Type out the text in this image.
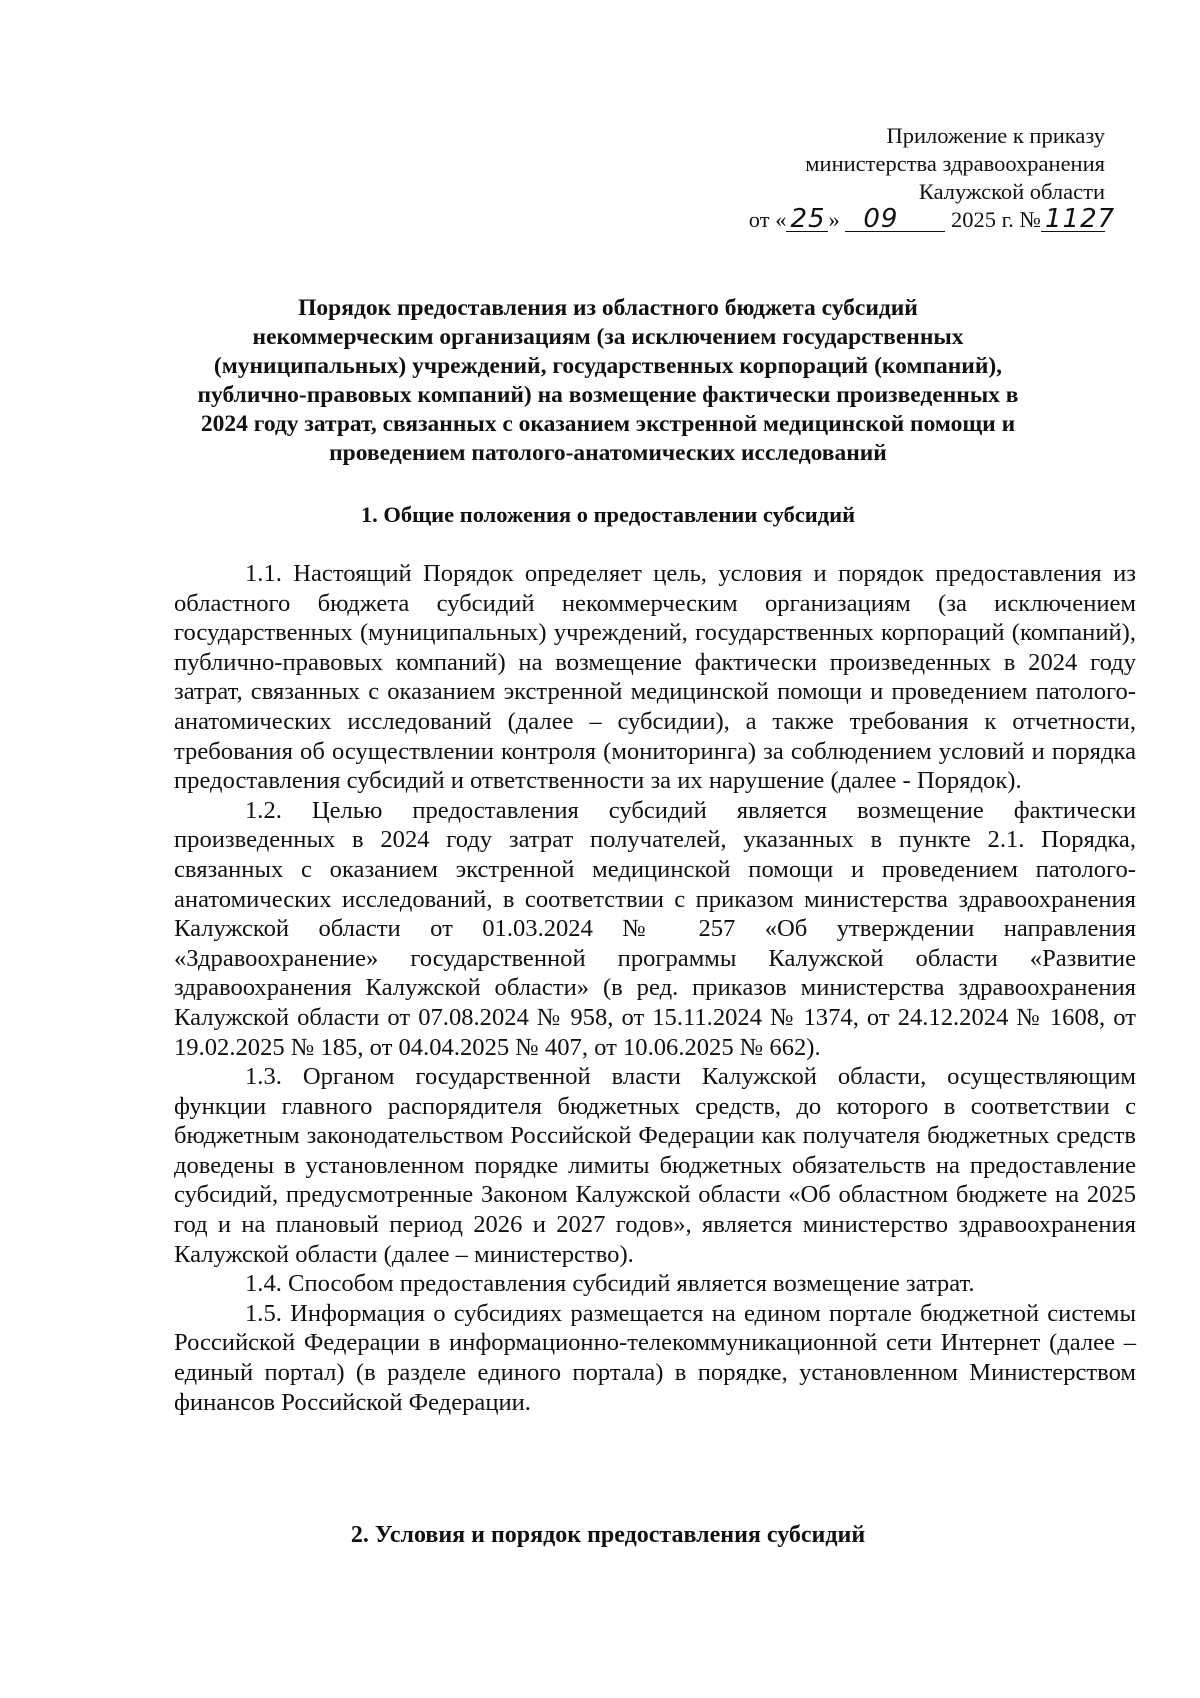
Приложение к приказу
министерства здравоохранения
Калужской области
от « 25 » 09 2025 г. № 1127
Порядок предоставления из областного бюджета субсидий
некоммерческим организациям (за исключением государственных
(муниципальных) учреждений, государственных корпораций (компаний),
публично-правовых компаний) на возмещение фактически произведенных в
2024 году затрат, связанных с оказанием экстренной медицинской помощи и
проведением патолого-анатомических исследований
1. Общие положения о предоставлении субсидий

1.1. Настоящий Порядок определяет цель, условия и порядок предоставления из областного бюджета субсидий некоммерческим организациям (за исключением государственных (муниципальных) учреждений, государственных корпораций (компаний), публично-правовых компаний) на возмещение фактически произведенных в 2024 году затрат, связанных с оказанием экстренной медицинской помощи и проведением патолого-анатомических исследований (далее – субсидии), а также требования к отчетности, требования об осуществлении контроля (мониторинга) за соблюдением условий и порядка предоставления субсидий и ответственности за их нарушение (далее - Порядок).

1.2. Целью предоставления субсидий является возмещение фактически произведенных в 2024 году затрат получателей, указанных в пункте 2.1. Порядка, связанных с оказанием экстренной медицинской помощи и проведением патолого-анатомических исследований, в соответствии с приказом министерства здравоохранения Калужской области от 01.03.2024 № 257 «Об утверждении направления «Здравоохранение» государственной программы Калужской области «Развитие здравоохранения Калужской области» (в ред. приказов министерства здравоохранения Калужской области от 07.08.2024 № 958, от 15.11.2024 № 1374, от 24.12.2024 № 1608, от 19.02.2025 № 185, от 04.04.2025 № 407, от 10.06.2025 № 662).

1.3. Органом государственной власти Калужской области, осуществляющим функции главного распорядителя бюджетных средств, до которого в соответствии с бюджетным законодательством Российской Федерации как получателя бюджетных средств доведены в установленном порядке лимиты бюджетных обязательств на предоставление субсидий, предусмотренные Законом Калужской области «Об областном бюджете на 2025 год и на плановый период 2026 и 2027 годов», является министерство здравоохранения Калужской области (далее – министерство).

1.4. Способом предоставления субсидий является возмещение затрат.

1.5. Информация о субсидиях размещается на едином портале бюджетной системы Российской Федерации в информационно-телекоммуникационной сети Интернет (далее – единый портал) (в разделе единого портала) в порядке, установленном Министерством финансов Российской Федерации.

2. Условия и порядок предоставления субсидий
